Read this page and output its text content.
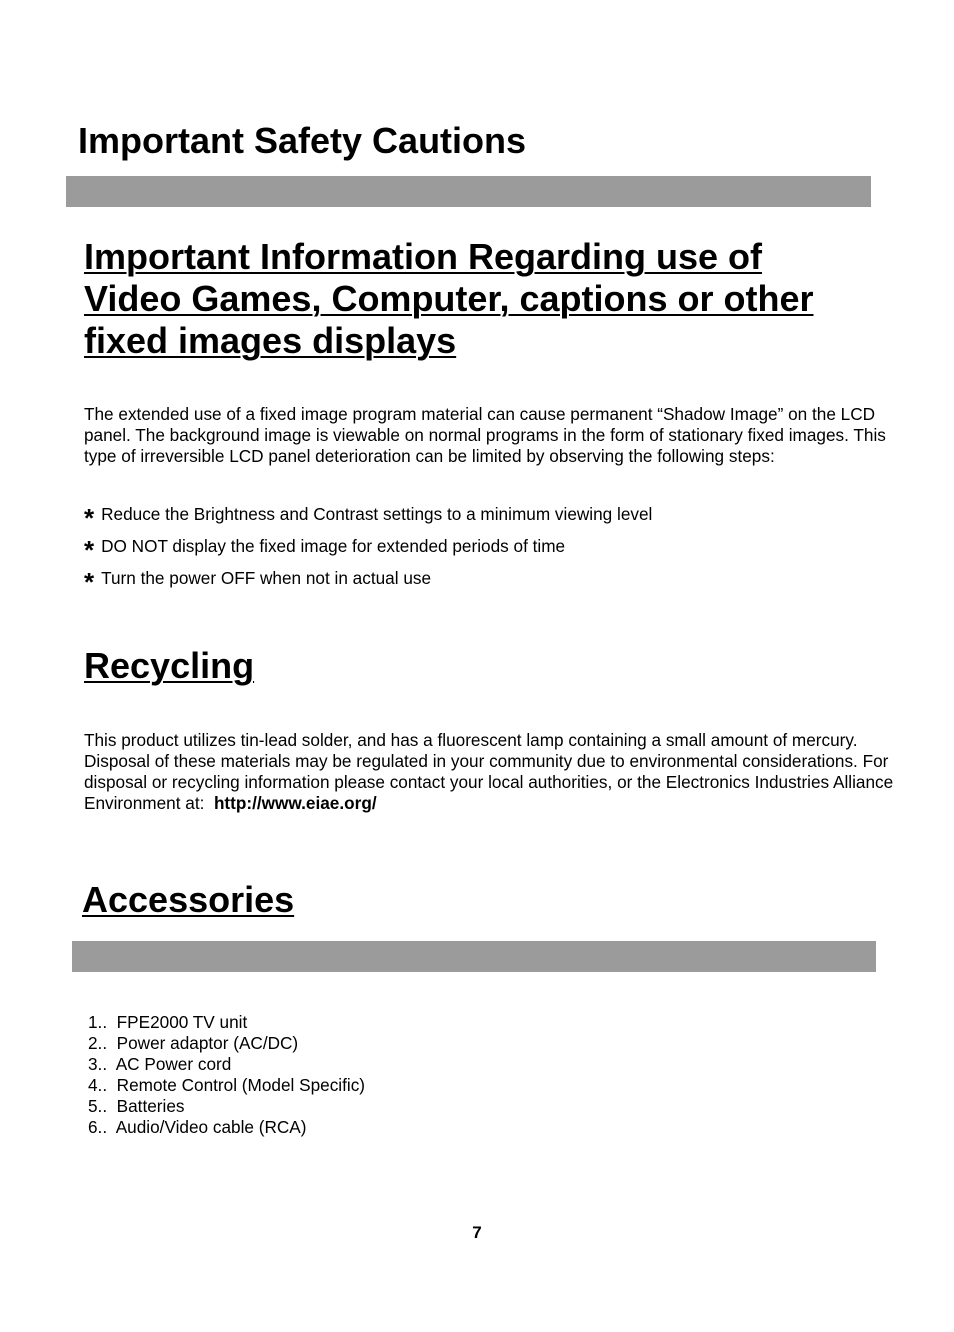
Important Safety Cautions
Important Information Regarding use of
Video Games, Computer, captions or other
fixed images displays

The extended use of a fixed image program material can cause permanent “Shadow Image” on the LCD panel. The background image is viewable on normal programs in the form of stationary fixed images. This type of irreversible LCD panel deterioration can be limited by observing the following steps:

* Reduce the Brightness and Contrast settings to a minimum viewing level
* DO NOT display the fixed image for extended periods of time
* Turn the power OFF when not in actual use
Recycling

This product utilizes tin-lead solder, and has a fluorescent lamp containing a small amount of mercury. Disposal of these materials may be regulated in your community due to environmental considerations. For disposal or recycling information please contact your local authorities, or the Electronics Industries Alliance Environment at: http://www.eiae.org/

Accessories
1..  FPE2000 TV unit
2..  Power adaptor (AC/DC)
3..  AC Power cord
4..  Remote Control (Model Specific)
5..  Batteries
6..  Audio/Video cable (RCA)
7
